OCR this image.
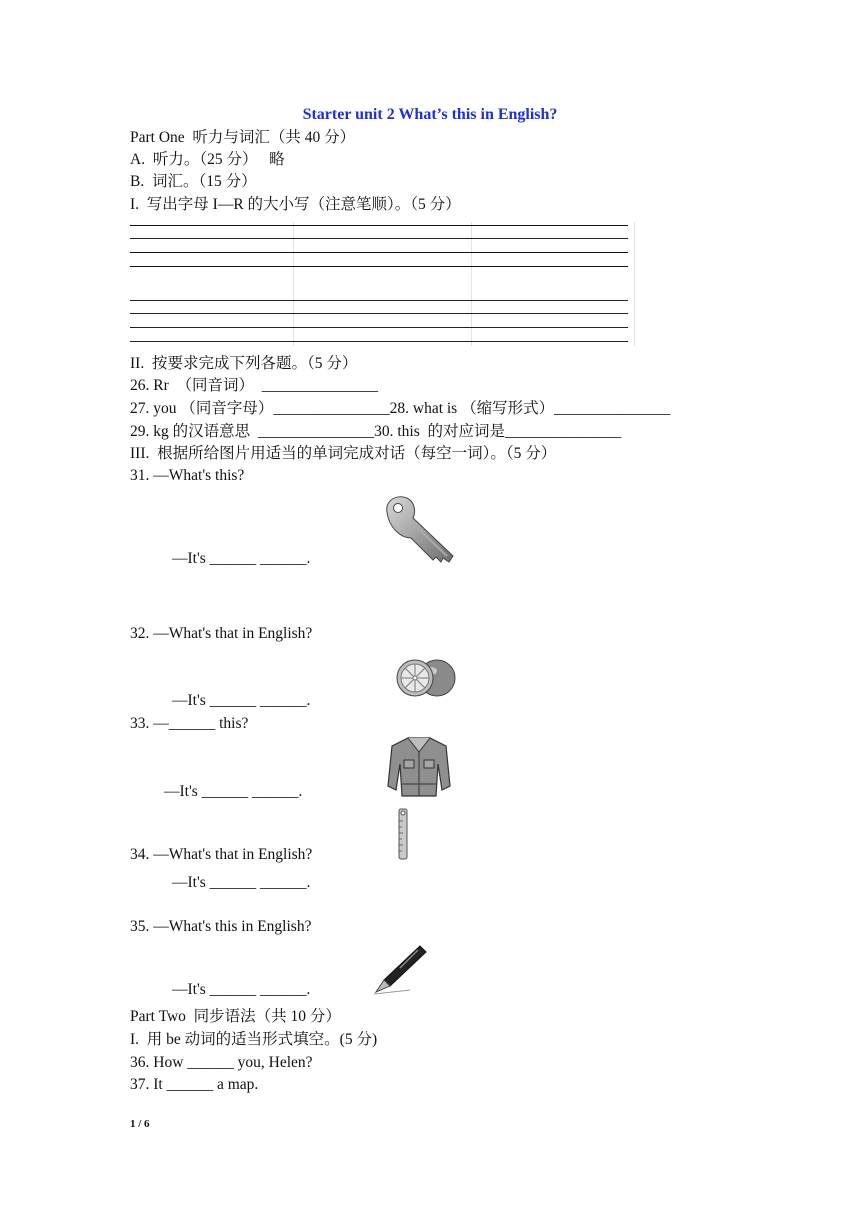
Starter unit 2 What’s this in English?
Part One  听力与词汇（共 40 分）
A.  听力。（25 分）   略
B.  词汇。（15 分）
I.  写出字母 I—R 的大小写（注意笔顺）。（5 分）
II.  按要求完成下列各题。（5 分）
26. Rr  （同音词）  _______________
27. you （同音字母）_______________28. what is （缩写形式）_______________
29. kg 的汉语意思  _______________30. this  的对应词是_______________
III.  根据所给图片用适当的单词完成对话（每空一词）。（5 分）
31. —What's this?
—It's ______ ______.
32. —What's that in English?
—It's ______ ______.
33. —______ this?
—It's ______ ______.
34. —What's that in English?
—It's ______ ______.
35. —What's this in English?
—It's ______ ______.
Part Two  同步语法（共 10 分）
I.  用 be 动词的适当形式填空。(5 分)
36. How ______ you, Helen?
37. It ______ a map.
1 / 6
